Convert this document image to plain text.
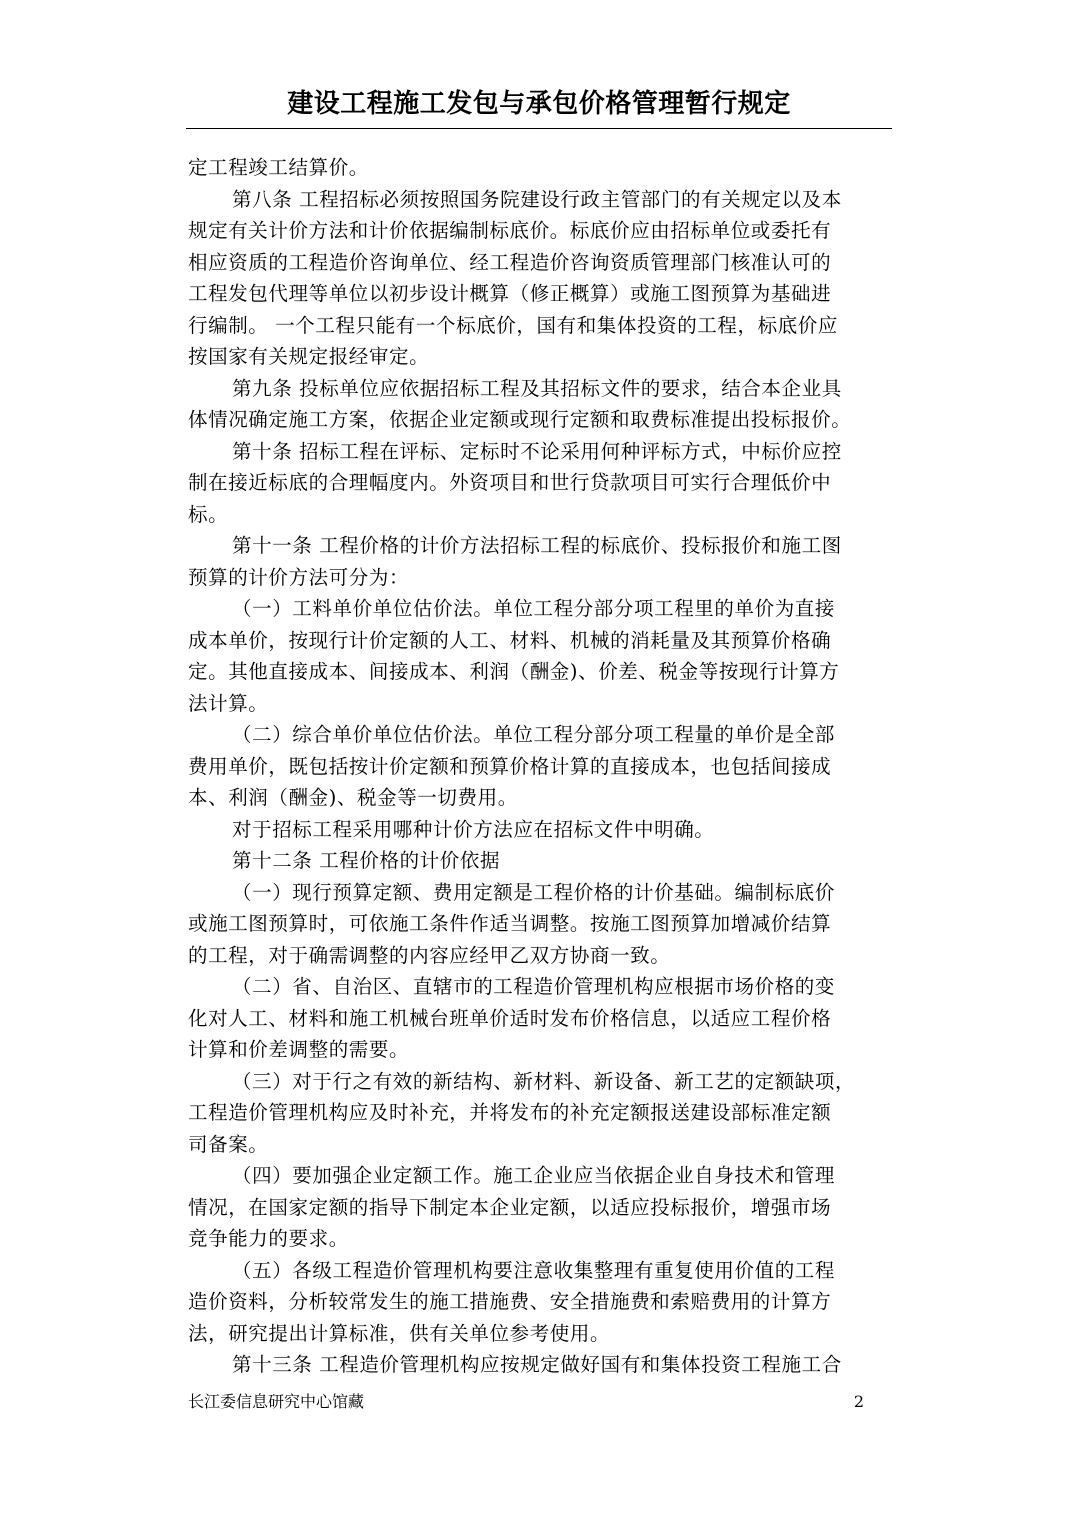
建设工程施工发包与承包价格管理暂行规定
定工程竣工结算价。
第八条 工程招标必须按照国务院建设行政主管部门的有关规定以及本
规定有关计价方法和计价依据编制标底价。标底价应由招标单位或委托有
相应资质的工程造价咨询单位、经工程造价咨询资质管理部门核准认可的
工程发包代理等单位以初步设计概算（修正概算）或施工图预算为基础进
行编制。 一个工程只能有一个标底价，国有和集体投资的工程，标底价应
按国家有关规定报经审定。
第九条 投标单位应依据招标工程及其招标文件的要求，结合本企业具
体情况确定施工方案，依据企业定额或现行定额和取费标准提出投标报价。
第十条 招标工程在评标、定标时不论采用何种评标方式，中标价应控
制在接近标底的合理幅度内。外资项目和世行贷款项目可实行合理低价中
标。
第十一条 工程价格的计价方法招标工程的标底价、投标报价和施工图
预算的计价方法可分为：
（一）工料单价单位估价法。单位工程分部分项工程里的单价为直接
成本单价，按现行计价定额的人工、材料、机械的消耗量及其预算价格确
定。其他直接成本、间接成本、利润（酬金)、价差、税金等按现行计算方
法计算。
（二）综合单价单位估价法。单位工程分部分项工程量的单价是全部
费用单价，既包括按计价定额和预算价格计算的直接成本，也包括间接成
本、利润（酬金)、税金等一切费用。
对于招标工程采用哪种计价方法应在招标文件中明确。
第十二条 工程价格的计价依据
（一）现行预算定额、费用定额是工程价格的计价基础。编制标底价
或施工图预算时，可依施工条件作适当调整。按施工图预算加增减价结算
的工程，对于确需调整的内容应经甲乙双方协商一致。
（二）省、自治区、直辖市的工程造价管理机构应根据市场价格的变
化对人工、材料和施工机械台班单价适时发布价格信息，以适应工程价格
计算和价差调整的需要。
（三）对于行之有效的新结构、新材料、新设备、新工艺的定额缺项，
工程造价管理机构应及时补充，并将发布的补充定额报送建设部标准定额
司备案。
（四）要加强企业定额工作。施工企业应当依据企业自身技术和管理
情况，在国家定额的指导下制定本企业定额，以适应投标报价，增强市场
竞争能力的要求。
（五）各级工程造价管理机构要注意收集整理有重复使用价值的工程
造价资料，分析较常发生的施工措施费、安全措施费和索赔费用的计算方
法，研究提出计算标准，供有关单位参考使用。
第十三条 工程造价管理机构应按规定做好国有和集体投资工程施工合
长江委信息研究中心馆藏	2
